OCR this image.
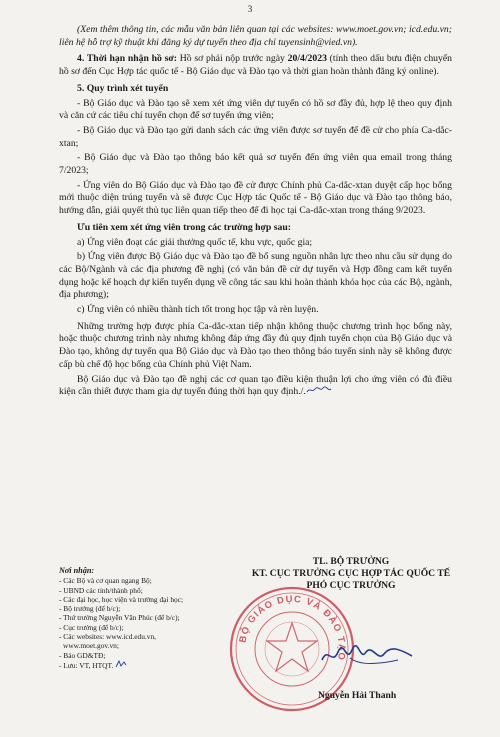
3

(Xem thêm thông tin, các mẫu văn bản liên quan tại các websites: www.moet.gov.vn; icd.edu.vn; liên hệ hỗ trợ kỹ thuật khi đăng ký dự tuyển theo địa chỉ tuyensinh@vied.vn).

4. Thời hạn nhận hồ sơ: Hồ sơ phải nộp trước ngày 20/4/2023 (tính theo dấu bưu điện chuyển hồ sơ đến Cục Hợp tác quốc tế - Bộ Giáo dục và Đào tạo và thời gian hoàn thành đăng ký online).

5. Quy trình xét tuyển

- Bộ Giáo dục và Đào tạo sẽ xem xét ứng viên dự tuyển có hồ sơ đầy đủ, hợp lệ theo quy định và căn cứ các tiêu chí tuyển chọn để sơ tuyển ứng viên;

- Bộ Giáo dục và Đào tạo gửi danh sách các ứng viên được sơ tuyển để đề cử cho phía Ca-dắc-xtan;

- Bộ Giáo dục và Đào tạo thông báo kết quả sơ tuyển đến ứng viên qua email trong tháng 7/2023;

- Ứng viên do Bộ Giáo dục và Đào tạo đề cử được Chính phủ Ca-dắc-xtan duyệt cấp học bổng mới thuộc diện trúng tuyển và sẽ được Cục Hợp tác Quốc tế - Bộ Giáo dục và Đào tạo thông báo, hướng dẫn, giải quyết thủ tục liên quan tiếp theo để đi học tại Ca-dắc-xtan trong tháng 9/2023.

Ưu tiên xem xét ứng viên trong các trường hợp sau:

a) Ứng viên đoạt các giải thưởng quốc tế, khu vực, quốc gia;

b) Ứng viên được Bộ Giáo dục và Đào tạo đề bổ sung nguồn nhân lực theo nhu cầu sử dụng do các Bộ/Ngành và các địa phương đề nghị (có văn bản đề cử dự tuyển và Hợp đồng cam kết tuyển dụng hoặc kế hoạch dự kiến tuyển dụng về công tác sau khi hoàn thành khóa học của các Bộ, ngành, địa phương);

c) Ứng viên có nhiều thành tích tốt trong học tập và rèn luyện.

Những trường hợp được phía Ca-dắc-xtan tiếp nhận không thuộc chương trình học bổng này, hoặc thuộc chương trình này nhưng không đáp ứng đầy đủ quy định tuyển chọn của Bộ Giáo dục và Đào tạo, không dự tuyển qua Bộ Giáo dục và Đào tạo theo thông báo tuyển sinh này sẽ không được cấp bù chế độ học bổng của Chính phủ Việt Nam.

Bộ Giáo dục và Đào tạo đề nghị các cơ quan tạo điều kiện thuận lợi cho ứng viên có đủ điều kiện cần thiết được tham gia dự tuyển đúng thời hạn quy định./.

Nơi nhận:
- Các Bộ và cơ quan ngang Bộ;
- UBND các tỉnh/thành phố;
- Các đại học, học viện và trường đại học;
- Bộ trưởng (để b/c);
- Thứ trưởng Nguyễn Văn Phúc (để b/c);
- Cục trưởng (để b/c);
- Các websites: www.icd.edu.vn,
www.moet.gov.vn;
- Báo GD&TĐ;
- Lưu: VT, HTQT.
TL. BỘ TRƯỞNG
KT. CỤC TRƯỞNG CỤC HỢP TÁC QUỐC TẾ
PHÓ CỤC TRƯỞNG
BỘ GIÁO DỤC VÀ ĐÀO TẠO
Nguyễn Hải Thanh
